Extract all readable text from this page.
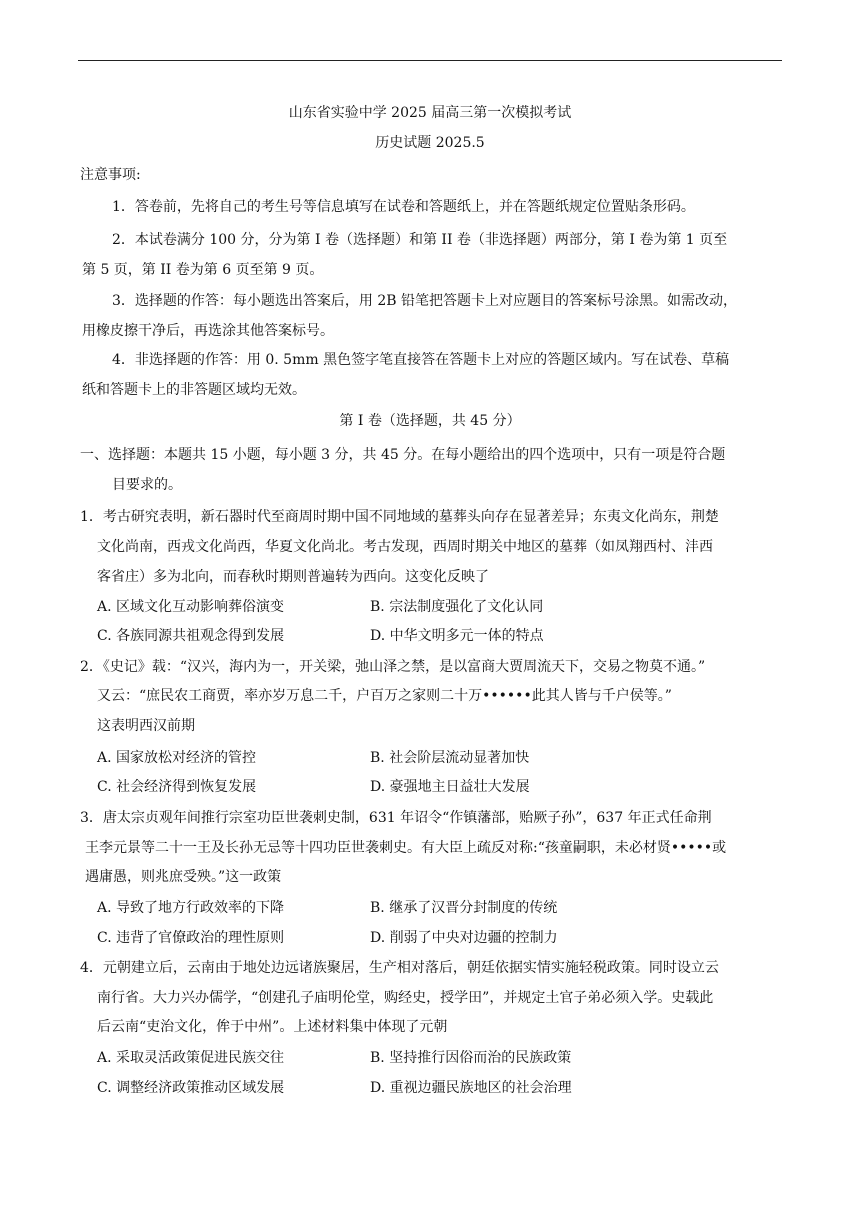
山东省实验中学 2025 届高三第一次模拟考试
历史试题 2025.5
注意事项:
1．答卷前，先将自己的考生号等信息填写在试卷和答题纸上，并在答题纸规定位置贴条形码。
2．本试卷满分 100 分，分为第 I 卷（选择题）和第 II 卷（非选择题）两部分，第 I 卷为第 1 页至
第 5 页，第 II 卷为第 6 页至第 9 页。
3．选择题的作答：每小题选出答案后，用 2B 铅笔把答题卡上对应题目的答案标号涂黑。如需改动，
用橡皮擦干净后，再选涂其他答案标号。
4．非选择题的作答：用 0. 5mm 黑色签字笔直接答在答题卡上对应的答题区域内。写在试卷、草稿
纸和答题卡上的非答题区域均无效。
第 I 卷（选择题，共 45 分）
一、选择题：本题共 15 小题，每小题 3 分，共 45 分。在每小题给出的四个选项中，只有一项是符合题
目要求的。
1．考古研究表明，新石器时代至商周时期中国不同地域的墓葬头向存在显著差异；东夷文化尚东，荆楚
文化尚南，西戎文化尚西，华夏文化尚北。考古发现，西周时期关中地区的墓葬（如凤翔西村、沣西
客省庄）多为北向，而春秋时期则普遍转为西向。这变化反映了
A. 区域文化互动影响葬俗演变	B. 宗法制度强化了文化认同
C. 各族同源共祖观念得到发展	D. 中华文明多元一体的特点
2．《史记》载：“汉兴，海内为一，开关梁，弛山泽之禁，是以富商大贾周流天下，交易之物莫不通。”
又云：“庶民农工商贾，率亦岁万息二千，户百万之家则二十万••••••此其人皆与千户侯等。”
这表明西汉前期
A. 国家放松对经济的管控	B. 社会阶层流动显著加快
C. 社会经济得到恢复发展	D. 豪强地主日益壮大发展
3．唐太宗贞观年间推行宗室功臣世袭刺史制，631 年诏令“作镇藩部，贻厥子孙”，637 年正式任命荆
王李元景等二十一王及长孙无忌等十四功臣世袭刺史。有大臣上疏反对称:“孩童嗣职，未必材贤•••••或
遇庸愚，则兆庶受殃。”这一政策
A. 导致了地方行政效率的下降	B. 继承了汉晋分封制度的传统
C. 违背了官僚政治的理性原则	D. 削弱了中央对边疆的控制力
4．元朝建立后，云南由于地处边远诸族聚居，生产相对落后，朝廷依据实情实施轻税政策。同时设立云
南行省。大力兴办儒学，“创建孔子庙明伦堂，购经史，授学田”，并规定土官子弟必须入学。史载此
后云南“吏治文化，侔于中州”。上述材料集中体现了元朝
A. 采取灵活政策促进民族交往	B. 坚持推行因俗而治的民族政策
C. 调整经济政策推动区域发展	D. 重视边疆民族地区的社会治理
